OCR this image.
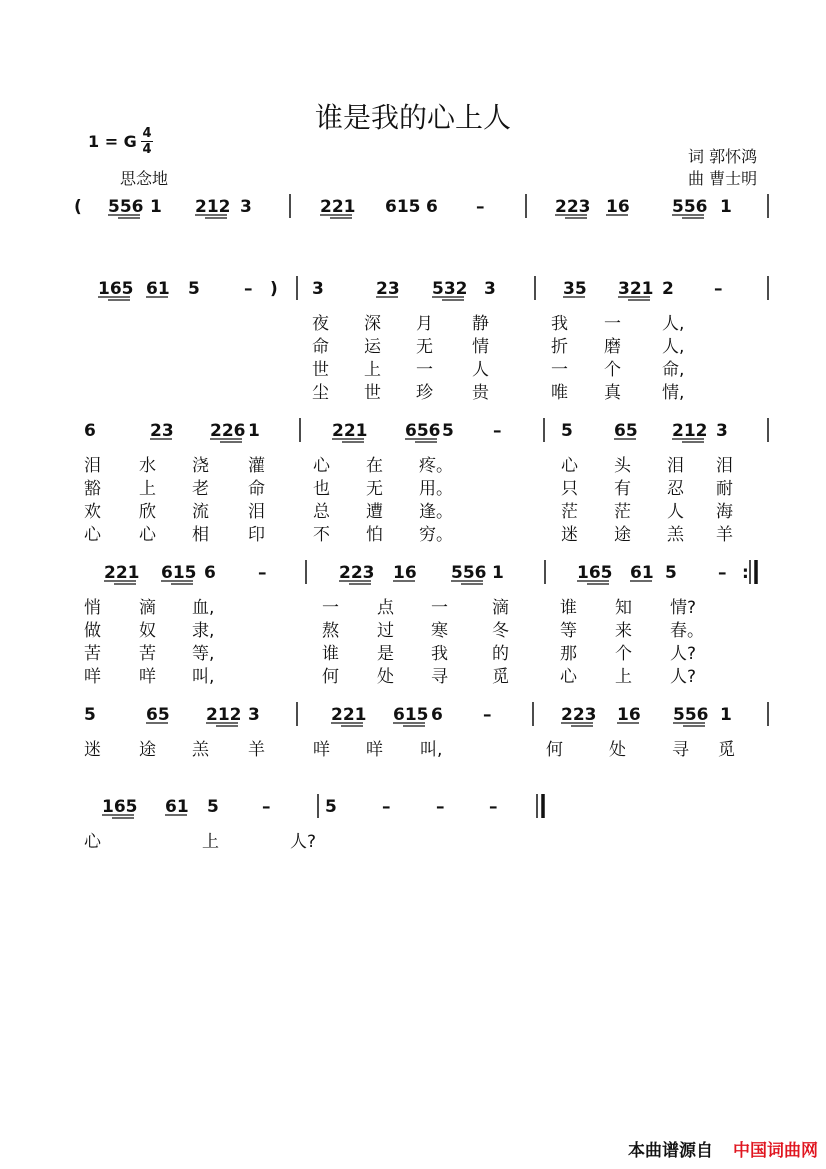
谁是我的心上人
1 = G 4
4
思念地
词 郭怀鸿
曲 曹士明
( 556 1 212 3	221 615 6 –	223 16 556 1
165 61 5	– ) 3	23 532 3	35 321 2 –
6	23 226 1	221 656 5 –	5 65 212 3
221 615 6 –	223 16 556 1	165 61 5 – :
5	65 212 3	221 615 6 –	223 16 556 1
165 61 5	–	5	–	–	–
夜 深 月 静	我 一 人,
命 运 无 情	折 磨 人,
世 上 一 人	一 个 命,
尘 世 珍 贵	唯 真 情,
泪 水 浇 灌	心 在 疼。	心 头 泪 泪
豁 上 老 命	也 无 用。	只 有 忍 耐
欢 欣 流 泪	总 遭 逢。	茫 茫 人 海
心 心 相 印	不 怕 穷。	迷 途 羔 羊
悄 滴 血,	一 点 一	滴	谁 知 情?
做 奴 隶,	熬 过 寒	冬	等 来 春。
苦 苦 等,	谁 是 我	的	那 个 人?
咩 咩 叫,	何 处 寻	觅	心 上 人?
迷 途 羔 羊	咩 咩 叫,	何	处	寻 觅
心	上	人?
本曲谱源自 中国词曲网
